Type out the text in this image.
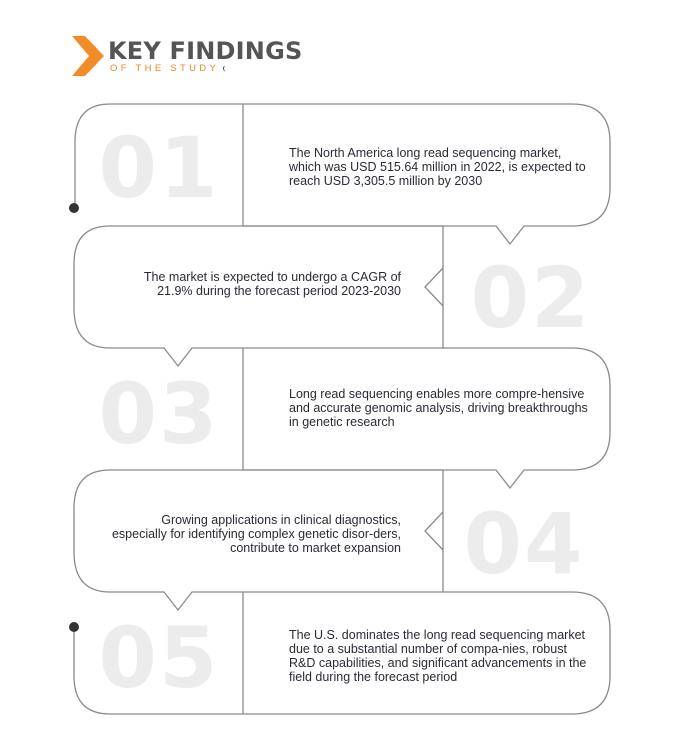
KEY FINDINGS
OF THE STUDY
01
02
03
04
05
The North America long read sequencing market, which was USD 515.64 million in 2022, is expected to reach USD 3,305.5 million by 2030
The market is expected to undergo a CAGR of 21.9% during the forecast period 2023-2030
Long read sequencing enables more compre-hensive and accurate genomic analysis, driving breakthroughs in genetic research
Growing applications in clinical diagnostics, especially for identifying complex genetic disor-ders, contribute to market expansion
The U.S. dominates the long read sequencing market due to a substantial number of compa-nies, robust R&D capabilities, and significant advancements in the field during the forecast period
